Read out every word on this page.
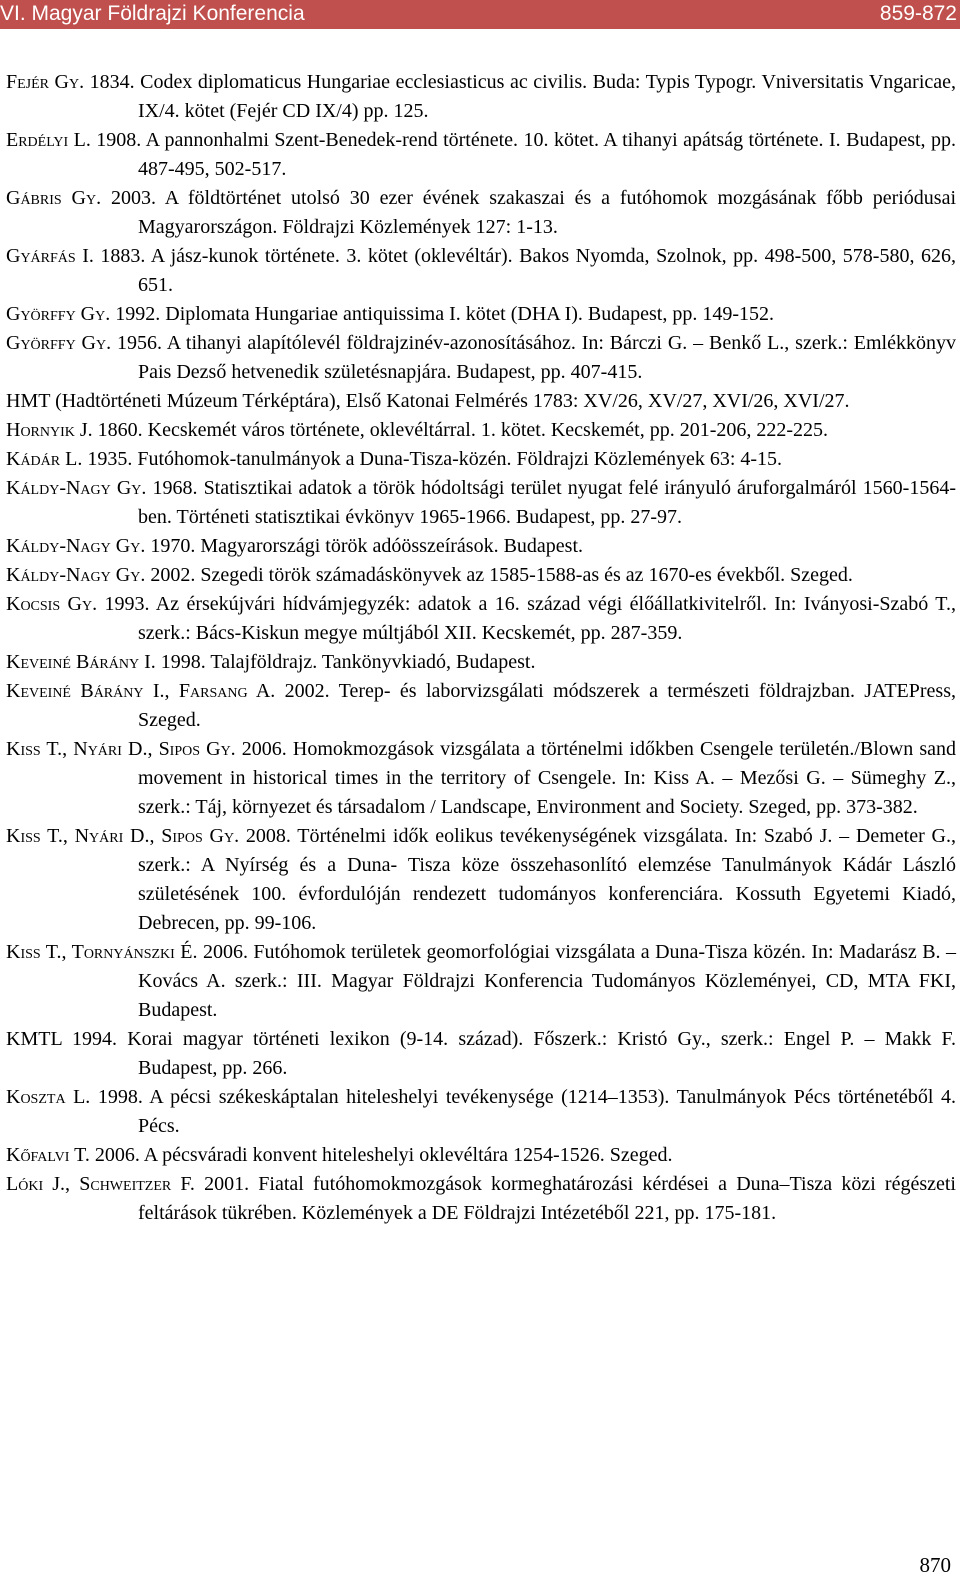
VI. Magyar Földrajzi Konferencia	859-872
Fejér Gy. 1834. Codex diplomaticus Hungariae ecclesiasticus ac civilis. Buda: Typis Typogr. Vniversitatis Vngaricae, IX/4. kötet (Fejér CD IX/4) pp. 125.
Erdélyi L. 1908. A pannonhalmi Szent-Benedek-rend története. 10. kötet. A tihanyi apátság története. I. Budapest, pp. 487-495, 502-517.
Gábris Gy. 2003. A földtörténet utolsó 30 ezer évének szakaszai és a futóhomok mozgásának főbb periódusai Magyarországon. Földrajzi Közlemények 127: 1-13.
Gyárfás I. 1883. A jász-kunok története. 3. kötet (oklevéltár). Bakos Nyomda, Szolnok, pp. 498-500, 578-580, 626, 651.
Györffy Gy. 1992. Diplomata Hungariae antiquissima I. kötet (DHA I). Budapest, pp. 149-152.
Györffy Gy. 1956. A tihanyi alapítólevél földrajzinév-azonosításához. In: Bárczi G. – Benkő L., szerk.: Emlékkönyv Pais Dezső hetvenedik születésnapjára. Budapest, pp. 407-415.
HMT (Hadtörténeti Múzeum Térképtára), Első Katonai Felmérés 1783: XV/26, XV/27, XVI/26, XVI/27.
Hornyik J. 1860. Kecskemét város története, oklevéltárral. 1. kötet. Kecskemét, pp. 201-206, 222-225.
Kádár L. 1935. Futóhomok-tanulmányok a Duna-Tisza-közén. Földrajzi Közlemények 63: 4-15.
Káldy-Nagy Gy. 1968. Statisztikai adatok a török hódoltsági terület nyugat felé irányuló áruforgalmáról 1560-1564-ben. Történeti statisztikai évkönyv 1965-1966. Budapest, pp. 27-97.
Káldy-Nagy Gy. 1970. Magyarországi török adóösszeírások. Budapest.
Káldy-Nagy Gy. 2002. Szegedi török számadáskönyvek az 1585-1588-as és az 1670-es évekből. Szeged.
Kocsis Gy. 1993. Az érsekújvári hídvámjegyzék: adatok a 16. század végi élőállatkivitelről. In: Iványosi-Szabó T., szerk.: Bács-Kiskun megye múltjából XII. Kecskemét, pp. 287-359.
Keveiné Bárány I. 1998. Talajföldrajz. Tankönyvkiadó, Budapest.
Keveiné Bárány I., Farsang A. 2002. Terep- és laborvizsgálati módszerek a természeti földrajzban. JATEPress, Szeged.
Kiss T., Nyári D., Sipos Gy. 2006. Homokmozgások vizsgálata a történelmi időkben Csengele területén./Blown sand movement in historical times in the territory of Csengele. In: Kiss A. – Mezősi G. – Sümeghy Z., szerk.: Táj, környezet és társadalom / Landscape, Environment and Society. Szeged, pp. 373-382.
Kiss T., Nyári D., Sipos Gy. 2008. Történelmi idők eolikus tevékenységének vizsgálata. In: Szabó J. – Demeter G., szerk.: A Nyírség és a Duna- Tisza köze összehasonlító elemzése Tanulmányok Kádár László születésének 100. évfordulóján rendezett tudományos konferenciára. Kossuth Egyetemi Kiadó, Debrecen, pp. 99-106.
Kiss T., Tornyánszki É. 2006. Futóhomok területek geomorfológiai vizsgálata a Duna-Tisza közén. In: Madarász B. – Kovács A. szerk.: III. Magyar Földrajzi Konferencia Tudományos Közleményei, CD, MTA FKI, Budapest.
KMTL 1994. Korai magyar történeti lexikon (9-14. század). Főszerk.: Kristó Gy., szerk.: Engel P. – Makk F. Budapest, pp. 266.
Kosztа L. 1998. A pécsi székeskáptalan hiteleshelyi tevékenysége (1214–1353). Tanulmányok Pécs történetéből 4. Pécs.
Kőfalvi T. 2006. A pécsváradi konvent hiteleshelyi oklevéltára 1254-1526. Szeged.
Lóki J., Schweitzer F. 2001. Fiatal futóhomokmozgások kormeghatározási kérdései a Duna–Tisza közi régészeti feltárások tükrében. Közlemények a DE Földrajzi Intézetéből 221, pp. 175-181.
870
